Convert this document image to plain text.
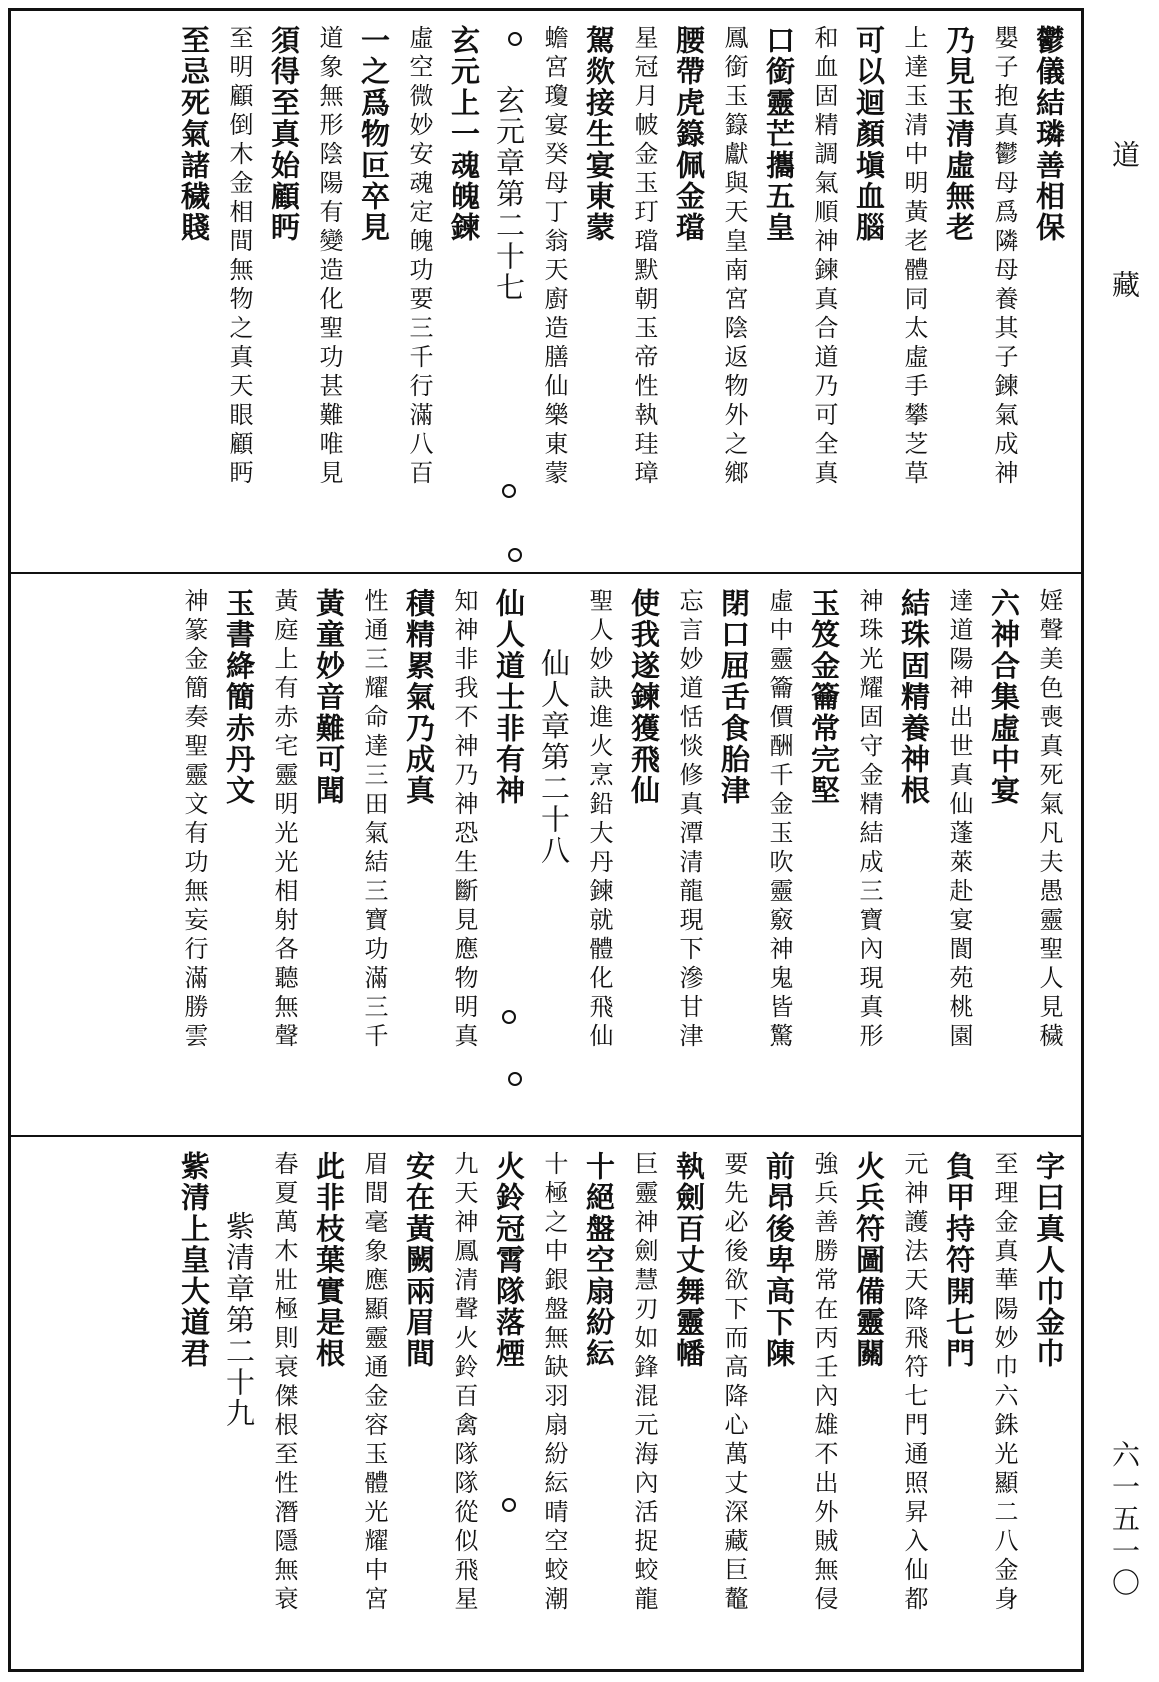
鬱儀結璘善相保
嬰子抱真鬱母爲隣母養其子鍊氣成神
乃見玉清虛無老
上達玉清中明黃老體同太虛手攀芝草
可以迴顏塡血腦
和血固精調氣順神鍊真合道乃可全真
口銜靈芒攜五皇
鳳銜玉籙獻與天皇南宮陰返物外之鄉
腰帶虎籙佩金璫
星冠月帔金玉玎璫默朝玉帝性執珪璋
駕欻接生宴東蒙
蟾宮瓊宴癸母丁翁天廚造膳仙樂東蒙
玄元章第二十七
玄元上一魂魄鍊
虛空微妙安魂定魄功要三千行滿八百
一之爲物叵卒見
道象無形陰陽有變造化聖功甚難唯見
須得至真始顧眄
至明顧倒木金相間無物之真天眼顧眄
至忌死氣諸穢賤
婬聲美色喪真死氣凡夫愚靈聖人見穢
六神合集虛中宴
達道陽神出世真仙蓬萊赴宴閬苑桃園
結珠固精養神根
神珠光耀固守金精結成三寶內現真形
玉笈金籥常完堅
虛中靈籥價酬千金玉吹靈竅神鬼皆驚
閉口屈舌食胎津
忘言妙道恬惔修真潭清龍現下滲甘津
使我遂鍊獲飛仙
聖人妙訣進火烹鉛大丹鍊就體化飛仙
仙人章第二十八
仙人道士非有神
知神非我不神乃神恐生斷見應物明真
積精累氣乃成真
性通三耀命達三田氣結三寶功滿三千
黃童妙音難可聞
黃庭上有赤宅靈明光光相射各聽無聲
玉書絳簡赤丹文
神篆金簡奏聖靈文有功無妄行滿勝雲
字曰真人巾金巾
至理金真華陽妙巾六銖光顯二八金身
負甲持符開七門
元神護法天降飛符七門通照昇入仙都
火兵符圖備靈關
強兵善勝常在丙壬內雄不出外賊無侵
前昂後卑高下陳
要先必後欲下而高降心萬丈深藏巨鼇
執劍百丈舞靈幡
巨靈神劍慧刃如鋒混元海內活捉蛟龍
十絕盤空扇紛紜
十極之中銀盤無缺羽扇紛紜晴空蛟潮
火鈴冠霄隊落煙
九天神鳳清聲火鈴百禽隊隊從似飛星
安在黃闕兩眉間
眉間毫象應顯靈通金容玉體光耀中宮
此非枝葉實是根
春夏萬木壯極則衰傑根至性潛隱無衰
紫清章第二十九
紫清上皇大道君
道
藏
六一五一〇
